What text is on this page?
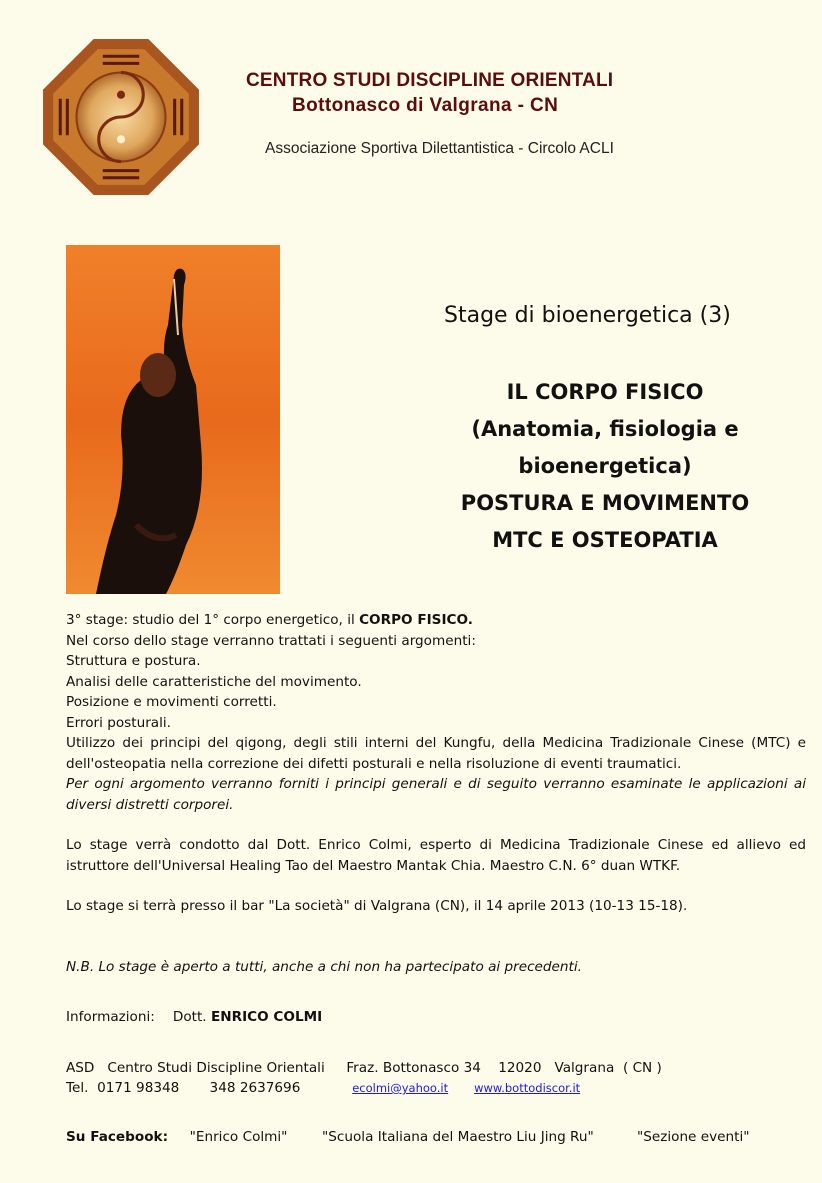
CENTRO STUDI DISCIPLINE ORIENTALI
Bottonasco di Valgrana - CN
Associazione Sportiva Dilettantistica - Circolo ACLI
Stage di bioenergetica (3)
IL CORPO FISICO
(Anatomia, fisiologia e
bioenergetica)
POSTURA E MOVIMENTO
MTC E OSTEOPATIA

3° stage: studio del 1° corpo energetico, il CORPO FISICO.

Nel corso dello stage verranno trattati i seguenti argomenti:

Struttura e postura.

Analisi delle caratteristiche del movimento.

Posizione e movimenti corretti.

Errori posturali.

Utilizzo dei principi del qigong, degli stili interni del Kungfu, della Medicina Tradizionale Cinese (MTC) e dell'osteopatia nella correzione dei difetti posturali e nella risoluzione di eventi traumatici.

Per ogni argomento verranno forniti i principi generali e di seguito verranno esaminate le applicazioni ai diversi distretti corporei.

Lo stage verrà condotto dal Dott. Enrico Colmi, esperto di Medicina Tradizionale Cinese ed allievo ed istruttore dell'Universal Healing Tao del Maestro Mantak Chia. Maestro C.N. 6° duan WTKF.

Lo stage si terrà presso il bar "La società" di Valgrana (CN), il 14 aprile 2013 (10-13 15-18).

N.B. Lo stage è aperto a tutti, anche a chi non ha partecipato ai precedenti.

Informazioni: Dott. ENRICO COLMI

ASD Centro Studi Discipline Orientali Fraz. Bottonasco 34 12020 Valgrana  ( CN )

Tel. 0171 98348 348 2637696	ecolmi@yahoo.it www.bottodiscor.it

Su Facebook: "Enrico Colmi"	"Scuola Italiana del Maestro Liu Jing Ru"	"Sezione eventi"
